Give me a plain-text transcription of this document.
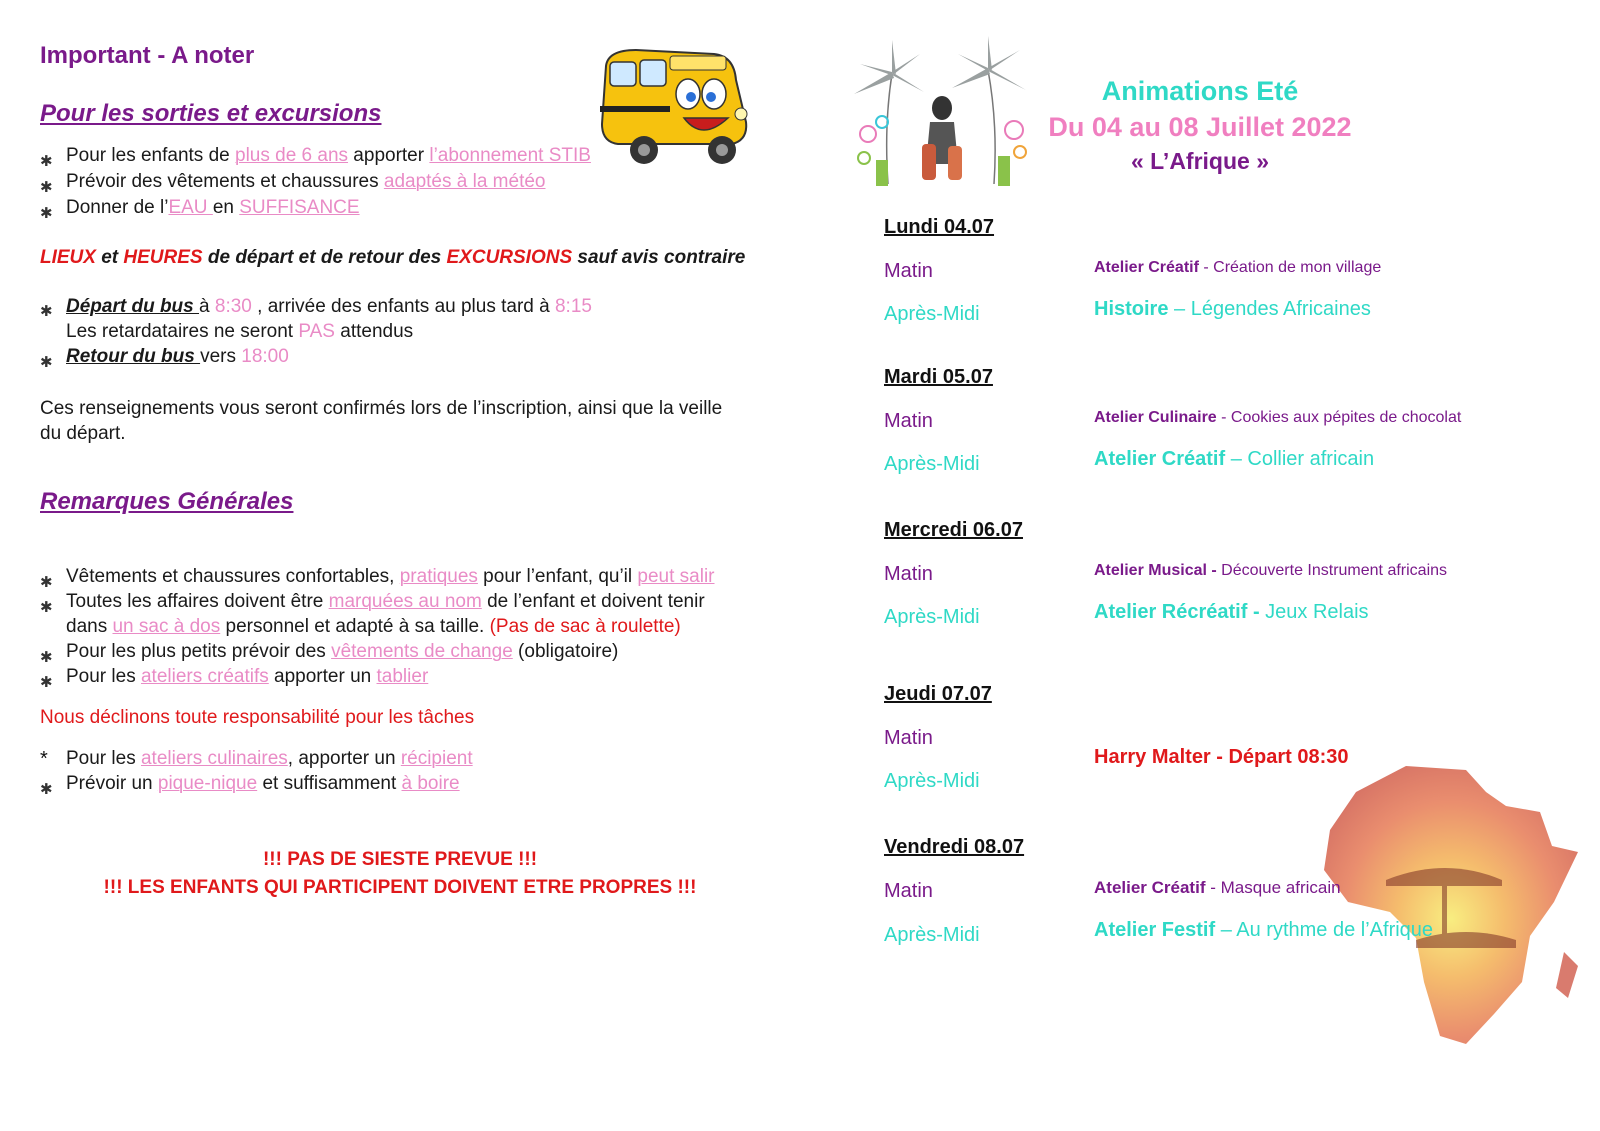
Important - A noter
Pour les sorties et excursions
✱ Pour les enfants de plus de 6 ans apporter l’abonnement STIB
✱ Prévoir des vêtements et chaussures adaptés à la météo
✱ Donner de l’EAU en SUFFISANCE
LIEUX et HEURES de départ et de retour des EXCURSIONS sauf avis contraire
✱ Départ du bus à 8:30 , arrivée des enfants au plus tard à 8:15
Les retardataires ne seront PAS attendus
✱ Retour du bus vers 18:00
Ces renseignements vous seront confirmés lors de l’inscription, ainsi que la veille
du départ.
Remarques Générales
✱ Vêtements et chaussures confortables, pratiques pour l’enfant, qu’il peut salir
✱ Toutes les affaires doivent être marquées au nom de l’enfant et doivent tenir
dans un sac à dos personnel et adapté à sa taille. (Pas de sac à roulette)
✱ Pour les plus petits prévoir des vêtements de change (obligatoire)
✱ Pour les ateliers créatifs apporter un tablier
Nous déclinons toute responsabilité pour les tâches
* Pour les ateliers culinaires, apporter un récipient
✱ Prévoir un pique-nique et suffisamment à boire
!!! PAS DE SIESTE PREVUE !!!
!!! LES ENFANTS QUI PARTICIPENT DOIVENT ETRE PROPRES !!!
Animations Eté
Du 04 au 08 Juillet 2022
« L’Afrique »
Lundi 04.07
Matin
Après-Midi
Atelier Créatif - Création de mon village
Histoire – Légendes Africaines
Mardi 05.07
Matin
Après-Midi
Atelier Culinaire - Cookies aux pépites de chocolat
Atelier Créatif – Collier africain
Mercredi 06.07
Matin
Après-Midi
Atelier Musical - Découverte Instrument africains
Atelier Récréatif - Jeux Relais
Jeudi 07.07
Matin
Après-Midi
Harry Malter - Départ 08:30
Vendredi 08.07
Matin
Après-Midi
Atelier Créatif - Masque africain
Atelier Festif – Au rythme de l’Afrique
